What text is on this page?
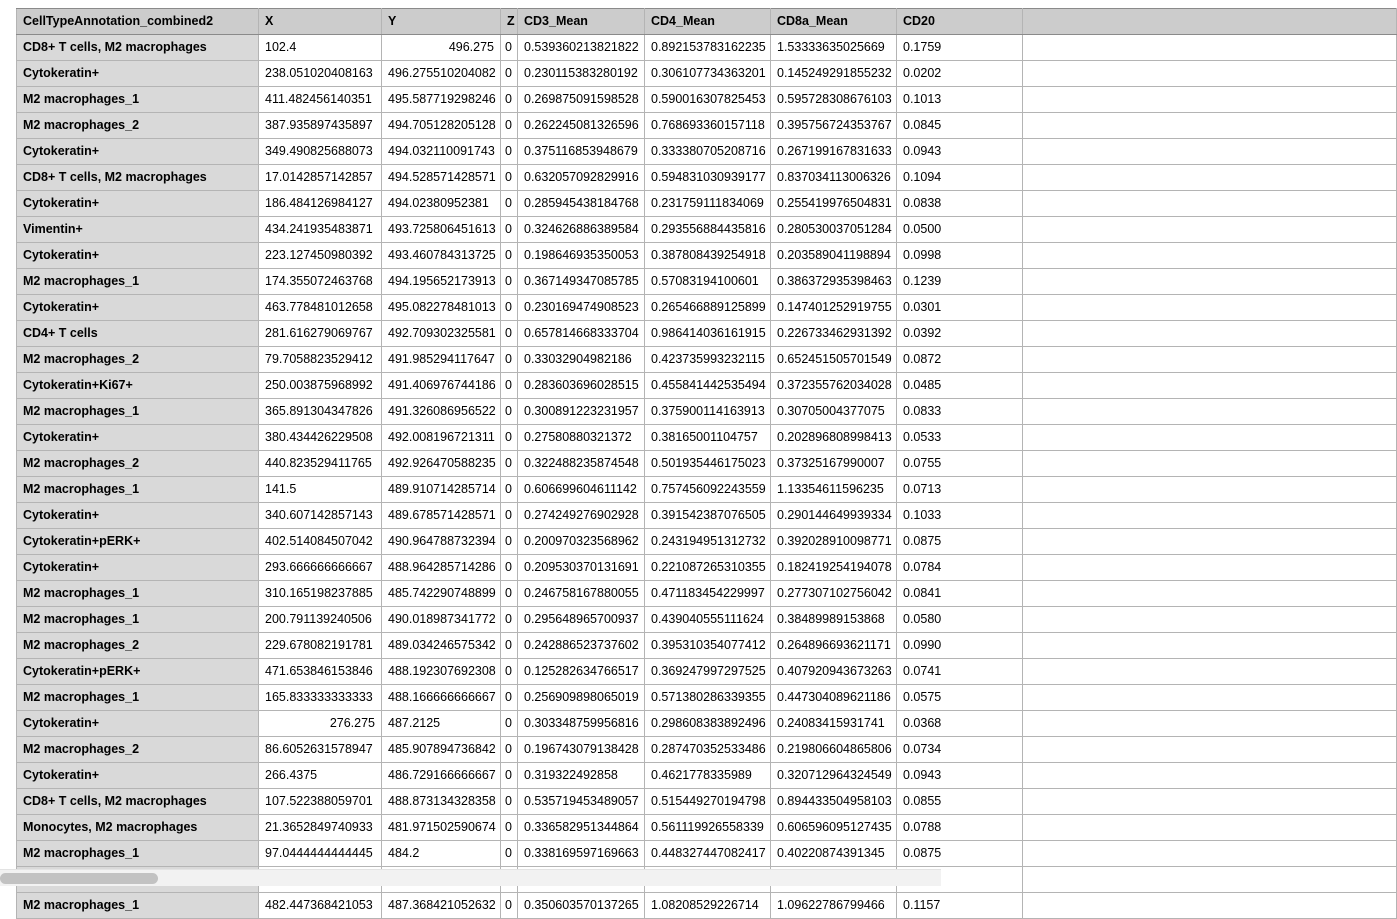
CellTypeAnnotation_combined2	X	Y	Z	CD3_Mean	CD4_Mean	CD8a_Mean	CD20	
CD8+ T cells, M2 macrophages	102.4	496.275	0	0.539360213821822	0.892153783162235	1.53333635025669	0.1759	
Cytokeratin+	238.051020408163	496.275510204082	0	0.230115383280192	0.306107734363201	0.145249291855232	0.0202	
M2 macrophages_1	411.482456140351	495.587719298246	0	0.269875091598528	0.590016307825453	0.595728308676103	0.1013	
M2 macrophages_2	387.935897435897	494.705128205128	0	0.262245081326596	0.768693360157118	0.395756724353767	0.0845	
Cytokeratin+	349.490825688073	494.032110091743	0	0.375116853948679	0.333380705208716	0.267199167831633	0.0943	
CD8+ T cells, M2 macrophages	17.0142857142857	494.528571428571	0	0.632057092829916	0.594831030939177	0.837034113006326	0.1094	
Cytokeratin+	186.484126984127	494.02380952381	0	0.285945438184768	0.231759111834069	0.255419976504831	0.0838	
Vimentin+	434.241935483871	493.725806451613	0	0.324626886389584	0.293556884435816	0.280530037051284	0.0500	
Cytokeratin+	223.127450980392	493.460784313725	0	0.198646935350053	0.387808439254918	0.203589041198894	0.0998	
M2 macrophages_1	174.355072463768	494.195652173913	0	0.367149347085785	0.57083194100601	0.386372935398463	0.1239	
Cytokeratin+	463.778481012658	495.082278481013	0	0.230169474908523	0.265466889125899	0.147401252919755	0.0301	
CD4+ T cells	281.616279069767	492.709302325581	0	0.657814668333704	0.986414036161915	0.226733462931392	0.0392	
M2 macrophages_2	79.7058823529412	491.985294117647	0	0.33032904982186	0.423735993232115	0.652451505701549	0.0872	
Cytokeratin+Ki67+	250.003875968992	491.406976744186	0	0.283603696028515	0.455841442535494	0.372355762034028	0.0485	
M2 macrophages_1	365.891304347826	491.326086956522	0	0.300891223231957	0.375900114163913	0.30705004377075	0.0833	
Cytokeratin+	380.434426229508	492.008196721311	0	0.27580880321372	0.38165001104757	0.202896808998413	0.0533	
M2 macrophages_2	440.823529411765	492.926470588235	0	0.322488235874548	0.501935446175023	0.37325167990007	0.0755	
M2 macrophages_1	141.5	489.910714285714	0	0.606699604611142	0.757456092243559	1.13354611596235	0.0713	
Cytokeratin+	340.607142857143	489.678571428571	0	0.274249276902928	0.391542387076505	0.290144649939334	0.1033	
Cytokeratin+pERK+	402.514084507042	490.964788732394	0	0.200970323568962	0.243194951312732	0.392028910098771	0.0875	
Cytokeratin+	293.666666666667	488.964285714286	0	0.209530370131691	0.221087265310355	0.182419254194078	0.0784	
M2 macrophages_1	310.165198237885	485.742290748899	0	0.246758167880055	0.471183454229997	0.277307102756042	0.0841	
M2 macrophages_1	200.791139240506	490.018987341772	0	0.295648965700937	0.439040555111624	0.38489989153868	0.0580	
M2 macrophages_2	229.678082191781	489.034246575342	0	0.242886523737602	0.395310354077412	0.264896693621171	0.0990	
Cytokeratin+pERK+	471.653846153846	488.192307692308	0	0.125282634766517	0.369247997297525	0.407920943673263	0.0741	
M2 macrophages_1	165.833333333333	488.166666666667	0	0.256909898065019	0.571380286339355	0.447304089621186	0.0575	
Cytokeratin+	276.275	487.2125	0	0.303348759956816	0.298608383892496	0.24083415931741	0.0368	
M2 macrophages_2	86.6052631578947	485.907894736842	0	0.196743079138428	0.287470352533486	0.219806604865806	0.0734	
Cytokeratin+	266.4375	486.729166666667	0	0.319322492858	0.4621778335989	0.320712964324549	0.0943	
CD8+ T cells, M2 macrophages	107.522388059701	488.873134328358	0	0.535719453489057	0.515449270194798	0.894433504958103	0.0855	
Monocytes, M2 macrophages	21.3652849740933	481.971502590674	0	0.336582951344864	0.561119926558339	0.606596095127435	0.0788	
M2 macrophages_1	97.0444444444445	484.2	0	0.338169597169663	0.448327447082417	0.40220874391345	0.0875	

M2 macrophages_1	482.447368421053	487.368421052632	0	0.350603570137265	1.08208529226714	1.09622786799466	0.1157	
